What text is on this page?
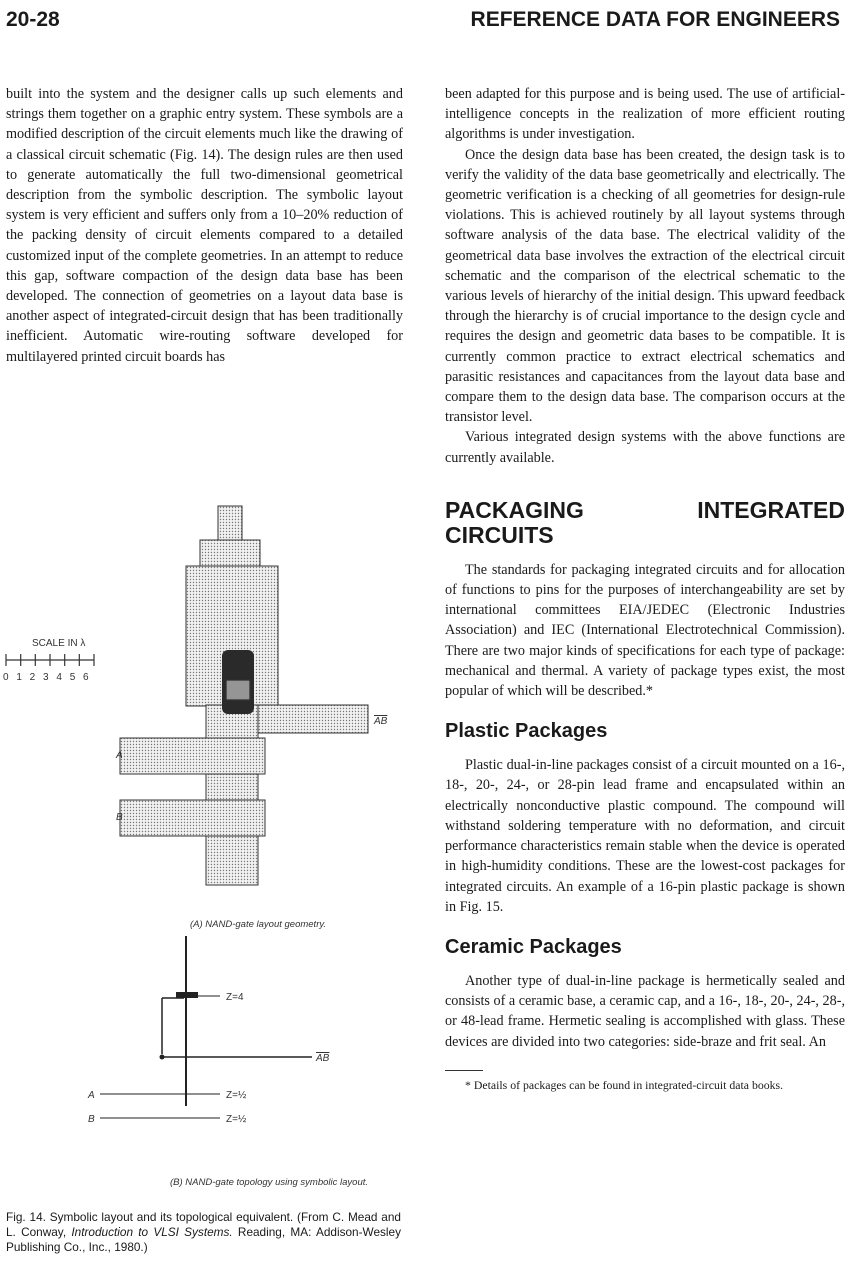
20-28	REFERENCE DATA FOR ENGINEERS

built into the system and the designer calls up such elements and strings them together on a graphic entry system. These symbols are a modified description of the circuit elements much like the drawing of a classical circuit schematic (Fig. 14). The design rules are then used to generate automatically the full two-dimensional geometrical description from the symbolic description. The symbolic layout system is very efficient and suffers only from a 10–20% reduction of the packing density of circuit elements compared to a detailed customized input of the complete geometries. In an attempt to reduce this gap, software compaction of the design data base has been developed. The connection of geometries on a layout data base is another aspect of integrated-circuit design that has been traditionally inefficient. Automatic wire-routing software developed for multilayered printed circuit boards has

SCALE IN λ
0 1 2 3 4 5 6
AB
A
B
(A) NAND-gate layout geometry.
Z=4
AB
A
B
Z=½
Z=½
(B) NAND-gate topology using symbolic layout.
Fig. 14. Symbolic layout and its topological equivalent. (From C. Mead and L. Conway, Introduction to VLSI Systems. Reading, MA: Addison-Wesley Publishing Co., Inc., 1980.)

been adapted for this purpose and is being used. The use of artificial-intelligence concepts in the realization of more efficient routing algorithms is under investigation.

Once the design data base has been created, the design task is to verify the validity of the data base geometrically and electrically. The geometric verification is a checking of all geometries for design-rule violations. This is achieved routinely by all layout systems through software analysis of the data base. The electrical validity of the geometrical data base involves the extraction of the electrical circuit schematic and the comparison of the electrical schematic to the various levels of hierarchy of the initial design. This upward feedback through the hierarchy is of crucial importance to the design cycle and requires the design and geometric data bases to be compatible. It is currently common practice to extract electrical schematics and parasitic resistances and capacitances from the layout data base and compare them to the design data base. The comparison occurs at the transistor level.

Various integrated design systems with the above functions are currently available.

PACKAGING INTEGRATED CIRCUITS

The standards for packaging integrated circuits and for allocation of functions to pins for the purposes of interchangeability are set by international committees EIA/JEDEC (Electronic Industries Association) and IEC (International Electrotechnical Commission). There are two major kinds of specifications for each type of package: mechanical and thermal. A variety of package types exist, the most popular of which will be described.*

Plastic Packages

Plastic dual-in-line packages consist of a circuit mounted on a 16-, 18-, 20-, 24-, or 28-pin lead frame and encapsulated within an electrically nonconductive plastic compound. The compound will withstand soldering temperature with no deformation, and circuit performance characteristics remain stable when the device is operated in high-humidity conditions. These are the lowest-cost packages for integrated circuits. An example of a 16-pin plastic package is shown in Fig. 15.

Ceramic Packages

Another type of dual-in-line package is hermetically sealed and consists of a ceramic base, a ceramic cap, and a 16-, 18-, 20-, 24-, 28-, or 48-lead frame. Hermetic sealing is accomplished with glass. These devices are divided into two categories: side-braze and frit seal. An

* Details of packages can be found in integrated-circuit data books.
